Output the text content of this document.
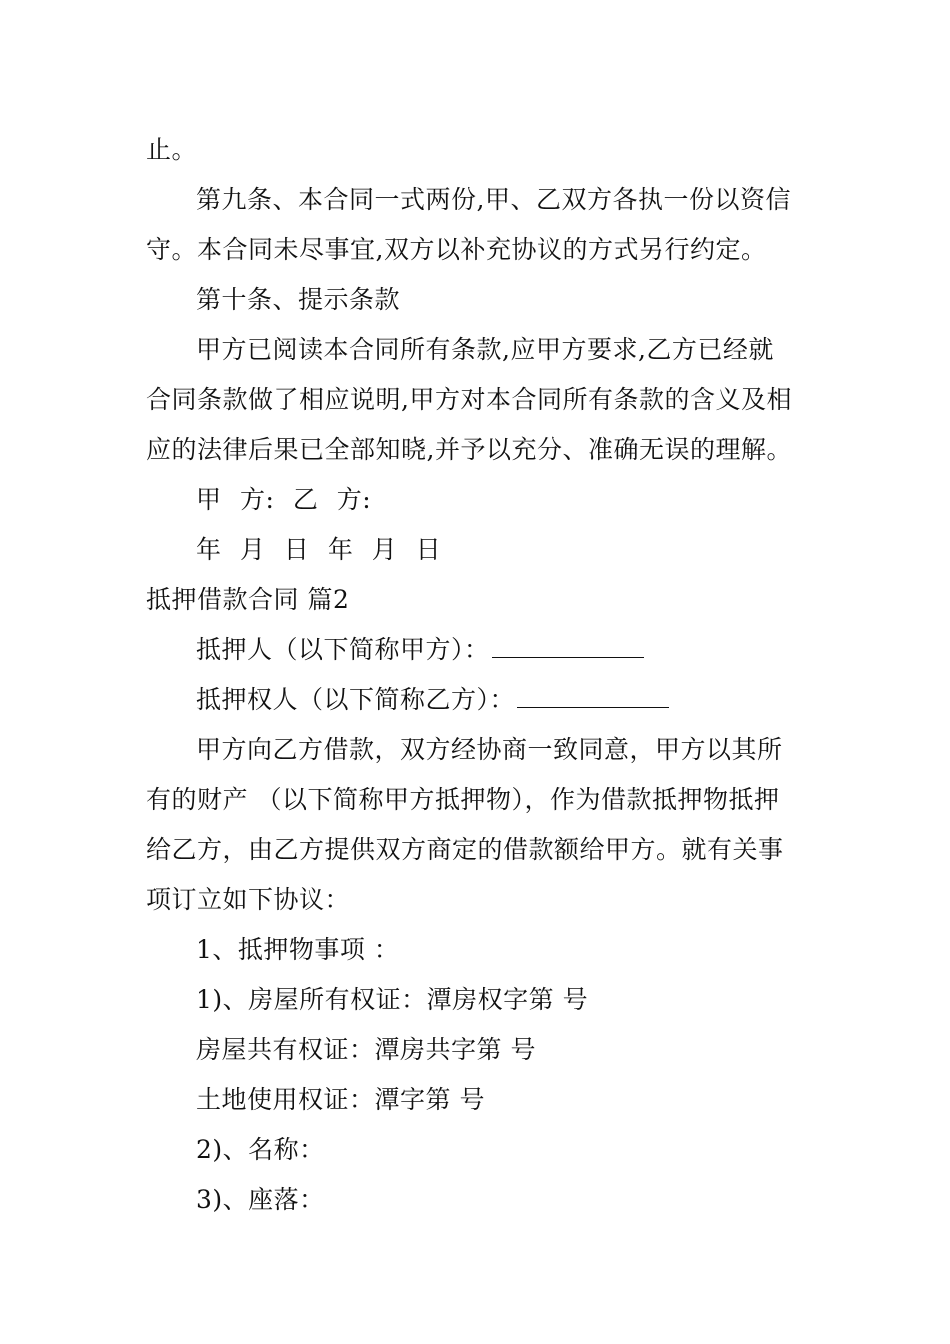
止。
第九条、本合同一式两份,甲、乙双方各执一份以资信
守。本合同未尽事宜,双方以补充协议的方式另行约定。
第十条、提示条款
甲方已阅读本合同所有条款,应甲方要求,乙方已经就
合同条款做了相应说明,甲方对本合同所有条款的含义及相
应的法律后果已全部知晓,并予以充分、准确无误的理解。
甲 方: 乙 方:
年 月 日 年 月 日
抵押借款合同 篇2
抵押人（以下简称甲方）：
抵押权人（以下简称乙方）：
甲方向乙方借款，双方经协商一致同意，甲方以其所
有的财产 （以下简称甲方抵押物），作为借款抵押物抵押
给乙方，由乙方提供双方商定的借款额给甲方。就有关事
项订立如下协议：
1、抵押物事项 ：
1)、房屋所有权证：潭房权字第 号
房屋共有权证：潭房共字第 号
土地使用权证：潭字第 号
2)、名称：
3)、座落：
